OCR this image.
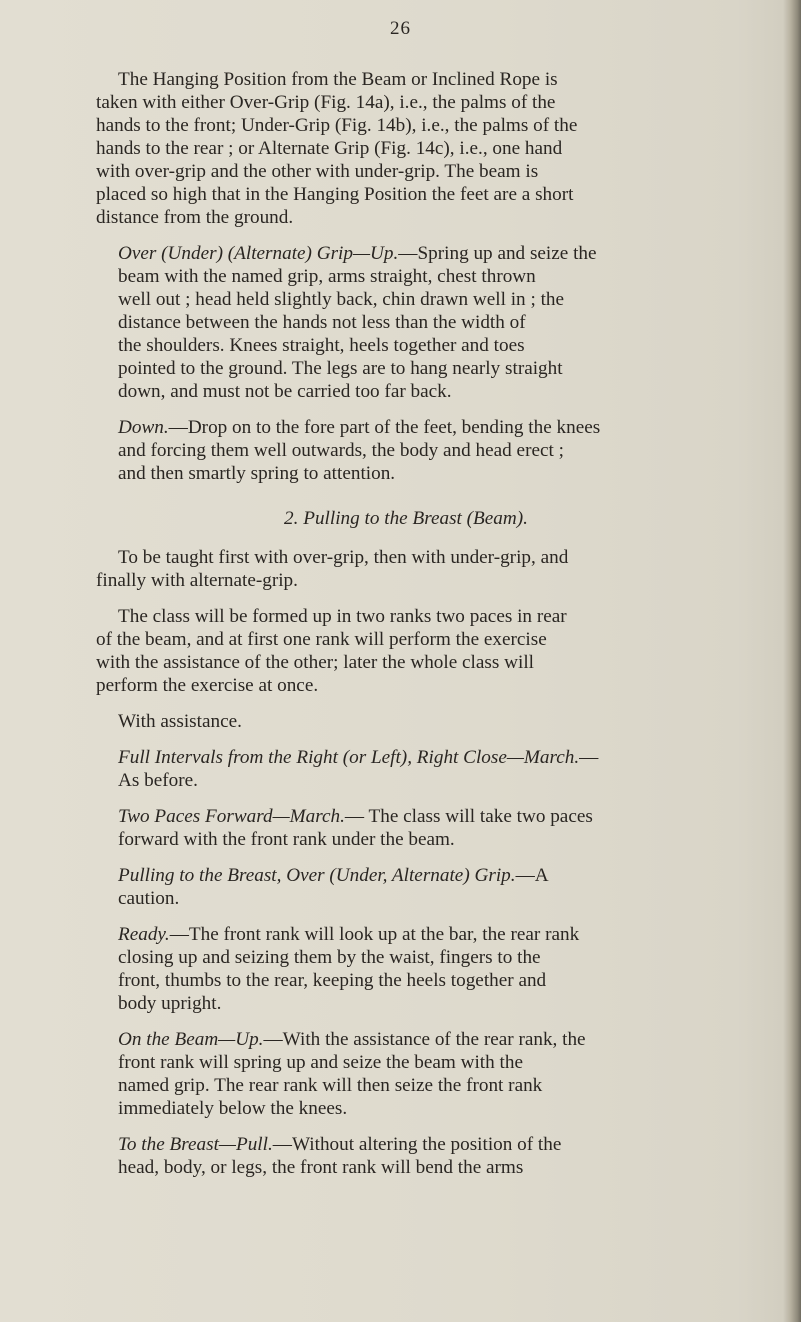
26

The Hanging Position from the Beam or Inclined Rope is
taken with either Over-Grip (Fig. 14a), i.e., the palms of the
hands to the front; Under-Grip (Fig. 14b), i.e., the palms of the
hands to the rear ; or Alternate Grip (Fig. 14c), i.e., one hand
with over-grip and the other with under-grip. The beam is
placed so high that in the Hanging Position the feet are a short
distance from the ground.

Over (Under) (Alternate) Grip—Up.—Spring up and seize the
beam with the named grip, arms straight, chest thrown
well out ; head held slightly back, chin drawn well in ; the
distance between the hands not less than the width of
the shoulders. Knees straight, heels together and toes
pointed to the ground. The legs are to hang nearly straight
down, and must not be carried too far back.

Down.—Drop on to the fore part of the feet, bending the knees
and forcing them well outwards, the body and head erect ;
and then smartly spring to attention.

2. Pulling to the Breast (Beam).

To be taught first with over-grip, then with under-grip, and
finally with alternate-grip.

The class will be formed up in two ranks two paces in rear
of the beam, and at first one rank will perform the exercise
with the assistance of the other; later the whole class will
perform the exercise at once.

With assistance.

Full Intervals from the Right (or Left), Right Close—March.—
As before.

Two Paces Forward—March.— The class will take two paces
forward with the front rank under the beam.

Pulling to the Breast, Over (Under, Alternate) Grip.—A
caution.

Ready.—The front rank will look up at the bar, the rear rank
closing up and seizing them by the waist, fingers to the
front, thumbs to the rear, keeping the heels together and
body upright.

On the Beam—Up.—With the assistance of the rear rank, the
front rank will spring up and seize the beam with the
named grip. The rear rank will then seize the front rank
immediately below the knees.

To the Breast—Pull.—Without altering the position of the
head, body, or legs, the front rank will bend the arms
